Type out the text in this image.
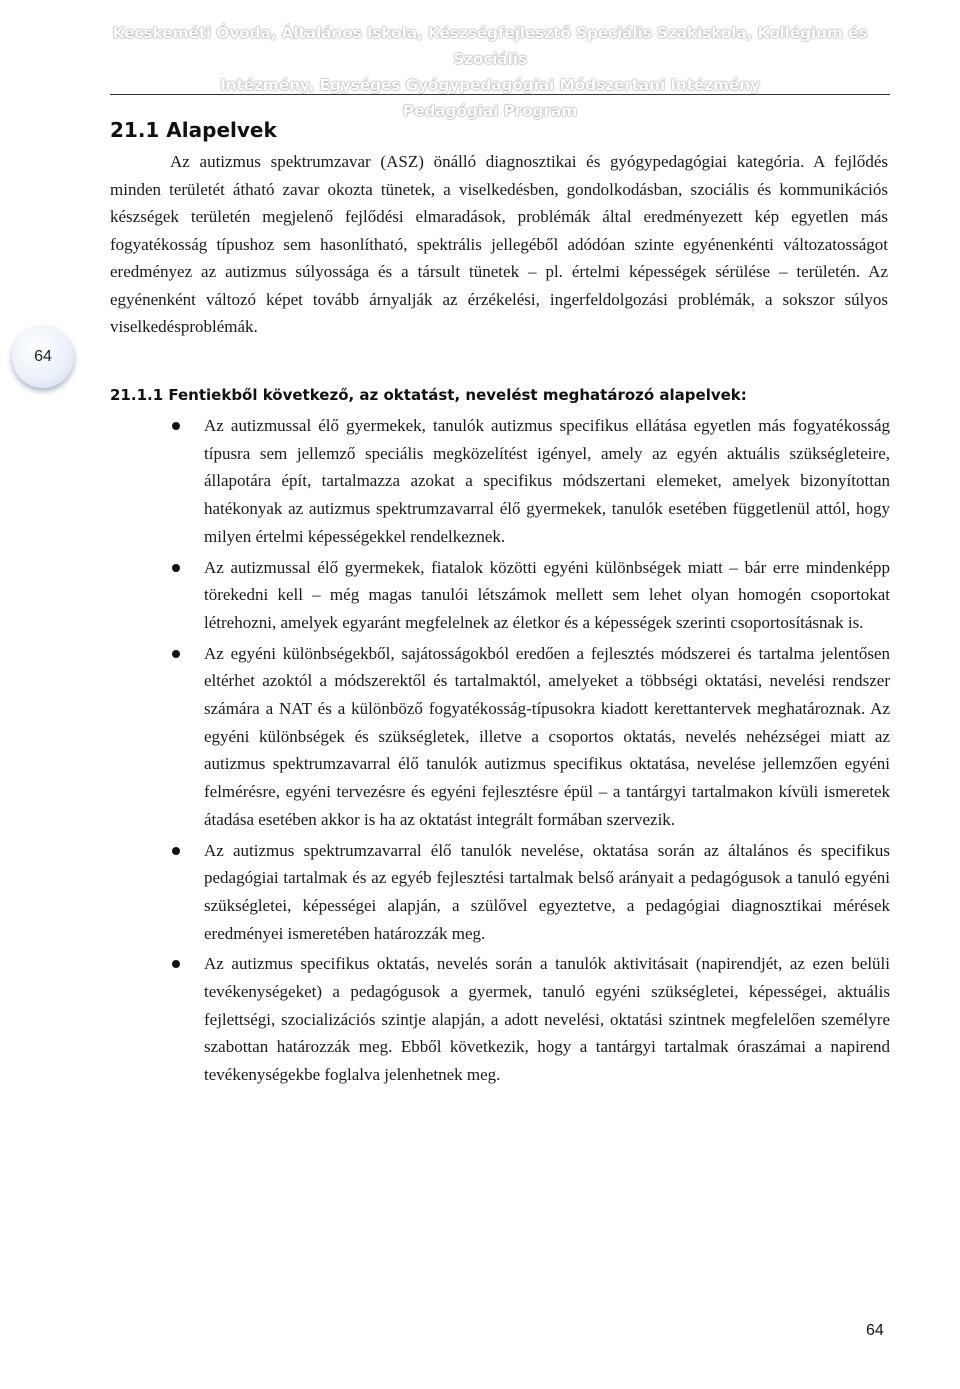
Kecskeméti Óvoda, Általános Iskola, Készségfejlesztő Speciális Szakiskola, Kollégium és Szociális
Intézmény, Egységes Gyógypedagógiai Módszertani Intézmény
Pedagógiai Program
64
21.1 Alapelvek

Az autizmus spektrumzavar (ASZ) önálló diagnosztikai és gyógypedagógiai kategória. A fejlődés minden területét átható zavar okozta tünetek, a viselkedésben, gondolkodásban, szociális és kommunikációs készségek területén megjelenő fejlődési elmaradások, problémák által eredményezett kép egyetlen más fogyatékosság típushoz sem hasonlítható, spektrális jellegéből adódóan szinte egyénenkénti változatosságot eredményez az autizmus súlyossága és a társult tünetek – pl. értelmi képességek sérülése – területén. Az egyénenként változó képet tovább árnyalják az érzékelési, ingerfeldolgozási problémák, a sokszor súlyos viselkedésproblémák.

21.1.1 Fentiekből következő, az oktatást, nevelést meghatározó alapelvek:
Az autizmussal élő gyermekek, tanulók autizmus specifikus ellátása egyetlen más fogyatékosság típusra sem jellemző speciális megközelítést igényel, amely az egyén aktuális szükségleteire, állapotára épít, tartalmazza azokat a specifikus módszertani elemeket, amelyek bizonyítottan hatékonyak az autizmus spektrumzavarral élő gyermekek, tanulók esetében függetlenül attól, hogy milyen értelmi képességekkel rendelkeznek.
Az autizmussal élő gyermekek, fiatalok közötti egyéni különbségek miatt – bár erre mindenképp törekedni kell – még magas tanulói létszámok mellett sem lehet olyan homogén csoportokat létrehozni, amelyek egyaránt megfelelnek az életkor és a képességek szerinti csoportosításnak is.
Az egyéni különbségekből, sajátosságokból eredően a fejlesztés módszerei és tartalma jelentősen eltérhet azoktól a módszerektől és tartalmaktól, amelyeket a többségi oktatási, nevelési rendszer számára a NAT és a különböző fogyatékosság-típusokra kiadott kerettantervek meghatároznak. Az egyéni különbségek és szükségletek, illetve a csoportos oktatás, nevelés nehézségei miatt az autizmus spektrumzavarral élő tanulók autizmus specifikus oktatása, nevelése jellemzően egyéni felmérésre, egyéni tervezésre és egyéni fejlesztésre épül – a tantárgyi tartalmakon kívüli ismeretek átadása esetében akkor is ha az oktatást integrált formában szervezik.
Az autizmus spektrumzavarral élő tanulók nevelése, oktatása során az általános és specifikus pedagógiai tartalmak és az egyéb fejlesztési tartalmak belső arányait a pedagógusok a tanuló egyéni szükségletei, képességei alapján, a szülővel egyeztetve, a pedagógiai diagnosztikai mérések eredményei ismeretében határozzák meg.
Az autizmus specifikus oktatás, nevelés során a tanulók aktivitásait (napirendjét, az ezen belüli tevékenységeket) a pedagógusok a gyermek, tanuló egyéni szükségletei, képességei, aktuális fejlettségi, szocializációs szintje alapján, a adott nevelési, oktatási szintnek megfelelően személyre szabottan határozzák meg. Ebből következik, hogy a tantárgyi tartalmak óraszámai a napirend tevékenységekbe foglalva jelenhetnek meg.
64
